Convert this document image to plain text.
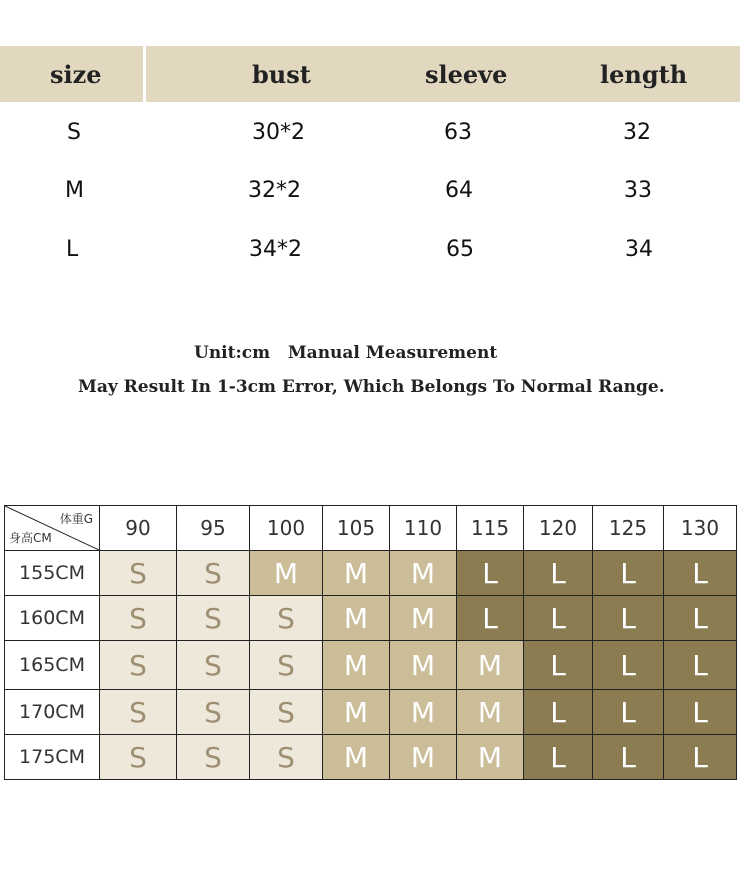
size	bust	sleeve	length
S	30*2	63	32
M	32*2	64	33
L	34*2	65	34
Unit:cm   Manual Measurement
May Result In 1-3cm Error, Which Belongs To Normal Range.
体重G
身高CM	90	95	100	105	110	115	120	125	130
155CM	S	S	M	M	M	L	L	L	L
160CM	S	S	S	M	M	L	L	L	L
165CM	S	S	S	M	M	M	L	L	L
170CM	S	S	S	M	M	M	L	L	L
175CM	S	S	S	M	M	M	L	L	L
